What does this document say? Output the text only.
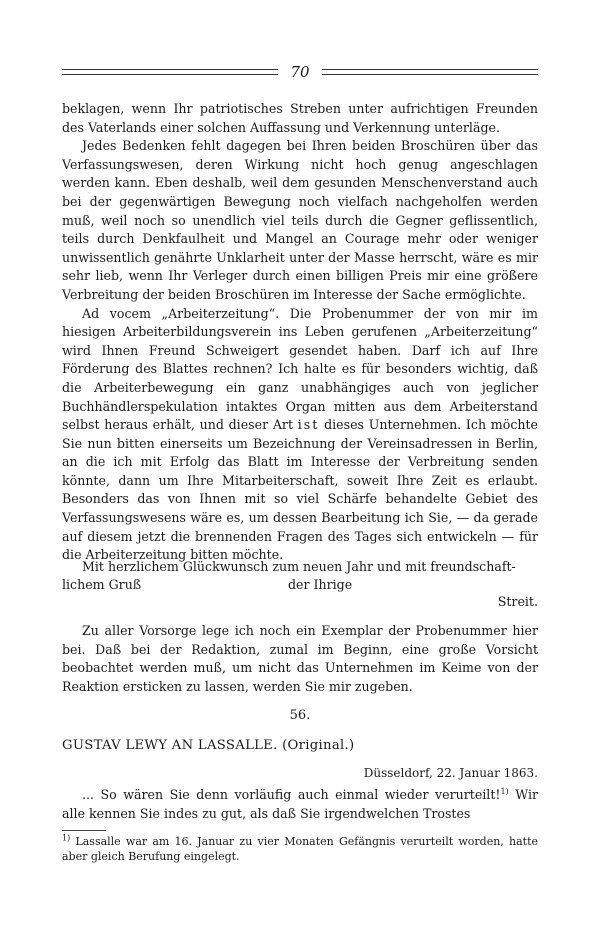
70

beklagen, wenn Ihr patriotisches Streben unter aufrichtigen Freunden des Vaterlands einer solchen Auffassung und Verkennung unterläge.

Jedes Bedenken fehlt dagegen bei Ihren beiden Broschüren über das Verfassungswesen, deren Wirkung nicht hoch genug angeschlagen werden kann. Eben deshalb, weil dem gesunden Menschenverstand auch bei der gegenwärtigen Bewegung noch vielfach nachgeholfen werden muß, weil noch so unendlich viel teils durch die Gegner geflissentlich, teils durch Denkfaulheit und Mangel an Courage mehr oder weniger unwissentlich genährte Unklarheit unter der Masse herrscht, wäre es mir sehr lieb, wenn Ihr Verleger durch einen billigen Preis mir eine größere Verbreitung der beiden Broschüren im Interesse der Sache ermöglichte.

Ad vocem „Arbeiterzeitung“. Die Probenummer der von mir im hiesigen Arbeiterbildungsverein ins Leben gerufenen „Arbeiterzeitung“ wird Ihnen Freund Schweigert gesendet haben. Darf ich auf Ihre Förderung des Blattes rechnen? Ich halte es für besonders wichtig, daß die Arbeiterbewegung ein ganz unabhängiges auch von jeglicher Buchhändlerspekulation intaktes Organ mitten aus dem Arbeiterstand selbst heraus erhält, und dieser Art ist dieses Unternehmen. Ich möchte Sie nun bitten einerseits um Bezeichnung der Vereinsadressen in Berlin, an die ich mit Erfolg das Blatt im Interesse der Verbreitung senden könnte, dann um Ihre Mitarbeiterschaft, soweit Ihre Zeit es erlaubt. Besonders das von Ihnen mit so viel Schärfe behandelte Gebiet des Verfassungswesens wäre es, um dessen Bearbeitung ich Sie, — da gerade auf diesem jetzt die brennenden Fragen des Tages sich entwickeln — für die Arbeiterzeitung bitten möchte.

Mit herzlichem Glückwunsch zum neuen Jahr und mit freundschaft-
lichem Gruß	der Ihrige
Streit.

Zu aller Vorsorge lege ich noch ein Exemplar der Probenummer hier bei. Daß bei der Redaktion, zumal im Beginn, eine große Vorsicht beobachtet werden muß, um nicht das Unternehmen im Keime von der Reaktion ersticken zu lassen, werden Sie mir zugeben.

56.
GUSTAV LEWY AN LASSALLE. (Original.)
Düsseldorf, 22. Januar 1863.

... So wären Sie denn vorläufig auch einmal wieder verurteilt!$^{1)}$ Wir alle kennen Sie indes zu gut, als daß Sie irgendwelchen Trostes

$^{1)}$ Lassalle war am 16. Januar zu vier Monaten Gefängnis verurteilt worden, hatte aber gleich Berufung eingelegt.
